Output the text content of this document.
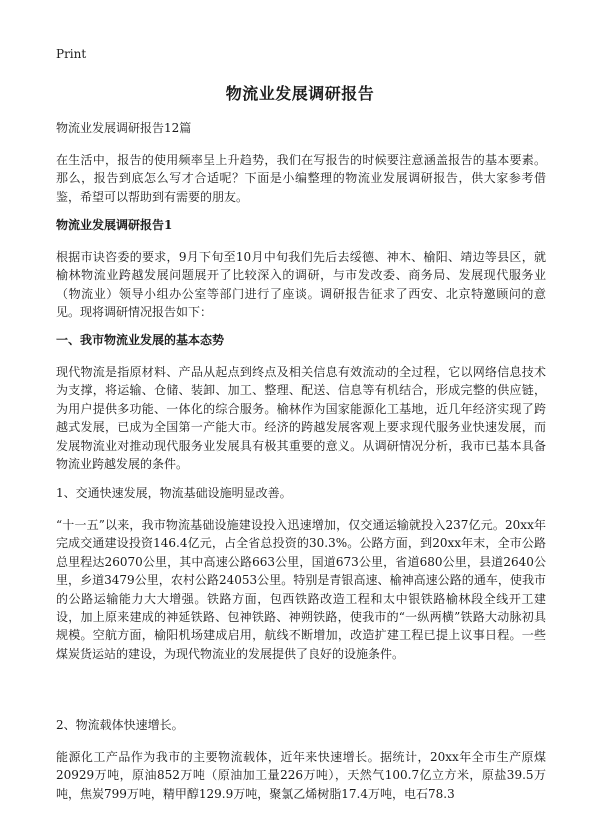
Print
物流业发展调研报告
物流业发展调研报告12篇
在生活中，报告的使用频率呈上升趋势，我们在写报告的时候要注意涵盖报告的基本要素。那么，报告到底怎么写才合适呢？下面是小编整理的物流业发展调研报告，供大家参考借鉴，希望可以帮助到有需要的朋友。
物流业发展调研报告1
根据市诀咨委的要求，9月下旬至10月中旬我们先后去绥德、神木、榆阳、靖边等县区，就榆林物流业跨越发展问题展开了比较深入的调研，与市发改委、商务局、发展现代服务业（物流业）领导小组办公室等部门进行了座谈。调研报告征求了西安、北京特邀顾问的意见。现将调研情况报告如下：
一、我市物流业发展的基本态势
现代物流是指原材料、产品从起点到终点及相关信息有效流动的全过程，它以网络信息技术为支撑，将运输、仓储、装卸、加工、整理、配送、信息等有机结合，形成完整的供应链，为用户提供多功能、一体化的综合服务。榆林作为国家能源化工基地，近几年经济实现了跨越式发展，已成为全国第一产能大市。经济的跨越发展客观上要求现代服务业快速发展，而发展物流业对推动现代服务业发展具有极其重要的意义。从调研情况分析，我市已基本具备物流业跨越发展的条件。
1、交通快速发展，物流基础设施明显改善。
“十一五”以来，我市物流基础设施建设投入迅速增加，仅交通运输就投入237亿元。20xx年完成交通建设投资146.4亿元，占全省总投资的30.3%。公路方面，到20xx年末，全市公路总里程达26070公里，其中高速公路663公里，国道673公里，省道680公里，县道2640公里，乡道3479公里，农村公路24053公里。特别是青银高速、榆神高速公路的通车，使我市的公路运输能力大大增强。铁路方面，包西铁路改造工程和太中银铁路榆林段全线开工建设，加上原来建成的神延铁路、包神铁路、神朔铁路，使我市的“一纵两横”铁路大动脉初具规模。空航方面，榆阳机场建成启用，航线不断增加，改造扩建工程已提上议事日程。一些煤炭货运站的建设，为现代物流业的发展提供了良好的设施条件。
2、物流载体快速增长。
能源化工产品作为我市的主要物流载体，近年来快速增长。据统计，20xx年全市生产原煤20929万吨，原油852万吨（原油加工量226万吨），天然气100.7亿立方米，原盐39.5万吨，焦炭799万吨，精甲醇129.9万吨，聚氯乙烯树脂17.4万吨，电石78.3
